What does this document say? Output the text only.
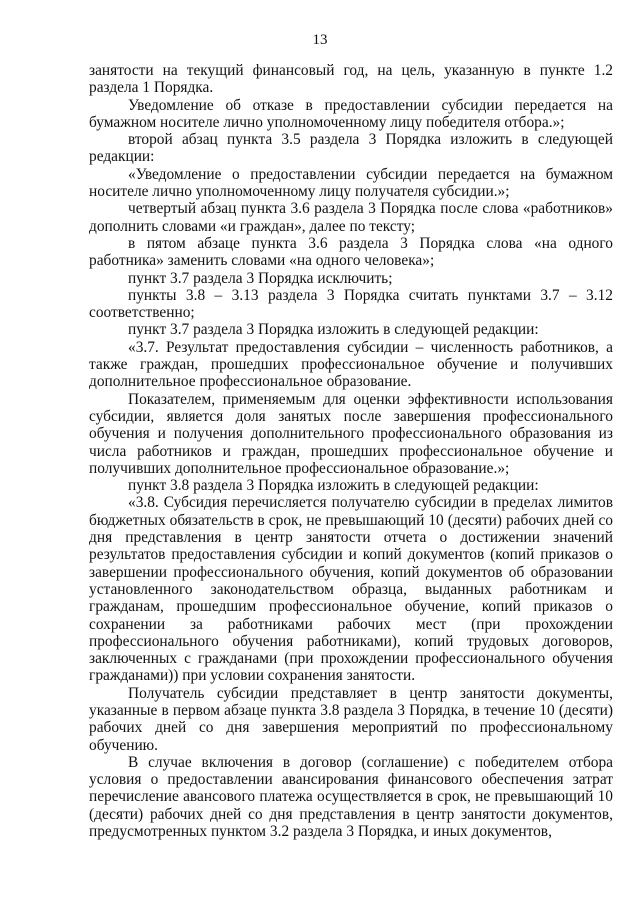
13

занятости на текущий финансовый год, на цель, указанную в пункте 1.2 раздела 1 Порядка.

Уведомление об отказе в предоставлении субсидии передается на бумажном носителе лично уполномоченному лицу победителя отбора.»;

второй абзац пункта 3.5 раздела 3 Порядка изложить в следующей редакции:

«Уведомление о предоставлении субсидии передается на бумажном носителе лично уполномоченному лицу получателя субсидии.»;

четвертый абзац пункта 3.6 раздела 3 Порядка после слова «работников» дополнить словами «и граждан», далее по тексту;

в пятом абзаце пункта 3.6 раздела 3 Порядка слова «на одного работника» заменить словами «на одного человека»;

пункт 3.7 раздела 3 Порядка исключить;

пункты 3.8 – 3.13 раздела 3 Порядка считать пунктами 3.7 – 3.12 соответственно;

пункт 3.7 раздела 3 Порядка изложить в следующей редакции:

«3.7. Результат предоставления субсидии – численность работников, а также граждан, прошедших профессиональное обучение и получивших дополнительное профессиональное образование.

Показателем, применяемым для оценки эффективности использования субсидии, является доля занятых после завершения профессионального обучения и получения дополнительного профессионального образования из числа работников и граждан, прошедших профессиональное обучение и получивших дополнительное профессиональное образование.»;

пункт 3.8 раздела 3 Порядка изложить в следующей редакции:

«3.8. Субсидия перечисляется получателю субсидии в пределах лимитов бюджетных обязательств в срок, не превышающий 10 (десяти) рабочих дней со дня представления в центр занятости отчета о достижении значений результатов предоставления субсидии и копий документов (копий приказов о завершении профессионального обучения, копий документов об образовании установленного законодательством образца, выданных работникам и гражданам, прошедшим профессиональное обучение, копий приказов о сохранении за работниками рабочих мест (при прохождении профессионального обучения работниками), копий трудовых договоров, заключенных с гражданами (при прохождении профессионального обучения гражданами)) при условии сохранения занятости.

Получатель субсидии представляет в центр занятости документы, указанные в первом абзаце пункта 3.8 раздела 3 Порядка, в течение 10 (десяти) рабочих дней со дня завершения мероприятий по профессиональному обучению.

В случае включения в договор (соглашение) с победителем отбора условия о предоставлении авансирования финансового обеспечения затрат перечисление авансового платежа осуществляется в срок, не превышающий 10 (десяти) рабочих дней со дня представления в центр занятости документов, предусмотренных пунктом 3.2 раздела 3 Порядка, и иных документов,
